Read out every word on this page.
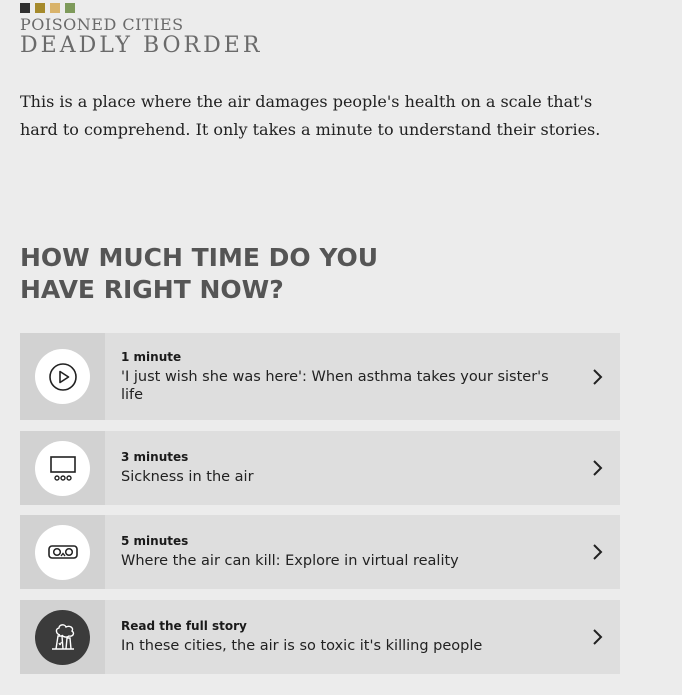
POISONED CITIES
DEADLY BORDER

This is a place where the air damages people's health on a scale that's hard to comprehend. It only takes a minute to understand their stories.

HOW MUCH TIME DO YOU HAVE RIGHT NOW?
1 minute
'I just wish she was here': When asthma takes your sister's life
3 minutes
Sickness in the air
5 minutes
Where the air can kill: Explore in virtual reality
Read the full story
In these cities, the air is so toxic it's killing people
